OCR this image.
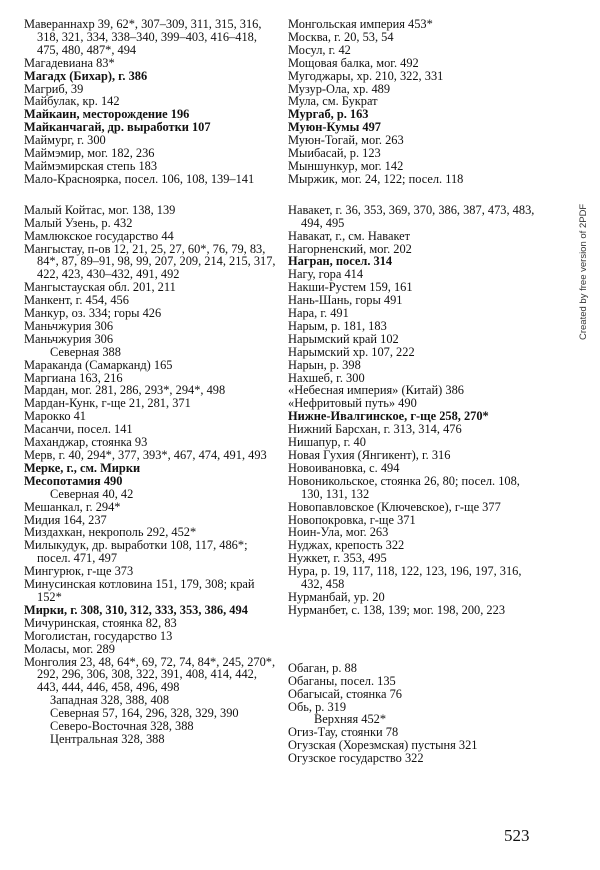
Мавераннахр 39, 62*, 307–309, 311, 315, 316, 318, 321, 334, 338–340, 399–403, 416–418, 475, 480, 487*, 494
Магадевиана 83*
Магадх (Бихар), г. 386
Магриб, 39
Майбулак, кр. 142
Майкаин, месторождение 196
Майканчагай, др. выработки 107
Маймург, г. 300
Маймэмир, мог. 182, 236
Маймэмирская степь 183
Мало-Красноярка, посел. 106, 108, 139–141
Малый Койтас, мог. 138, 139
Малый Узень, р. 432
Мамлюкское государство 44
Мангыстау, п-ов 12, 21, 25, 27, 60*, 76, 79, 83, 84*, 87, 89–91, 98, 99, 207, 209, 214, 215, 317, 422, 423, 430–432, 491, 492
Мангыстауская обл. 201, 211
Манкент, г. 454, 456
Манкур, оз. 334; горы 426
Маньчжурия 306
Маньчжурия 306
Северная 388
Мараканда (Самарканд) 165
Маргиана 163, 216
Мардан, мог. 281, 286, 293*, 294*, 498
Мардан-Кунк, г-ще 21, 281, 371
Марокко 41
Масанчи, посел. 141
Маханджар, стоянка 93
Мерв, г. 40, 294*, 377, 393*, 467, 474, 491, 493
Мерке, г., см. Мирки
Месопотамия 490
Северная 40, 42
Мешанкал, г. 294*
Мидия 164, 237
Миздахкан, некрополь 292, 452*
Милыкудук, др. выработки 108, 117, 486*; посел. 471, 497
Мингурюк, г-ще 373
Минусинская котловина 151, 179, 308; край 152*
Мирки, г. 308, 310, 312, 333, 353, 386, 494
Мичуринская, стоянка 82, 83
Моголистан, государство 13
Моласы, мог. 289
Монголия 23, 48, 64*, 69, 72, 74, 84*, 245, 270*, 292, 296, 306, 308, 322, 391, 408, 414, 442, 443, 444, 446, 458, 496, 498
Западная 328, 388, 408
Северная 57, 164, 296, 328, 329, 390
Северо-Восточная 328, 388
Центральная 328, 388
Монгольская империя 453*
Москва, г. 20, 53, 54
Мосул, г. 42
Мощовая балка, мог. 492
Мугоджары, хр. 210, 322, 331
Музур-Ола, хр. 489
Мула, см. Букрат
Мургаб, р. 163
Муюн-Кумы 497
Муюн-Тогай, мог. 263
Мыибасай, р. 123
Мыншункур, мог. 142
Мыржик, мог. 24, 122; посел. 118
Навакет, г. 36, 353, 369, 370, 386, 387, 473, 483, 494, 495
Навакат, г., см. Навакет
Нагорненский, мог. 202
Награн, посел. 314
Нагу, гора 414
Накши-Рустем 159, 161
Нань-Шань, горы 491
Нара, г. 491
Нарым, р. 181, 183
Нарымский край 102
Нарымский хр. 107, 222
Нарын, р. 398
Нахшеб, г. 300
«Небесная империя» (Китай) 386
«Нефритовый путь» 490
Нижне-Ивалгинское, г-ще 258, 270*
Нижний Барсхан, г. 313, 314, 476
Нишапур, г. 40
Новая Гухия (Янгикент), г. 316
Новоивановка, с. 494
Новоникольское, стоянка 26, 80; посел. 108, 130, 131, 132
Новопавловское (Ключевское), г-ще 377
Новопокровка, г-ще 371
Ноин-Ула, мог. 263
Нуджах, крепость 322
Нужкет, г. 353, 495
Нура, р. 19, 117, 118, 122, 123, 196, 197, 316, 432, 458
Нурманбай, ур. 20
Нурманбет, с. 138, 139; мог. 198, 200, 223
Обаган, р. 88
Обаганы, посел. 135
Обагысай, стоянка 76
Обь, р. 319
Верхняя 452*
Огиз-Тау, стоянки 78
Огузская (Хорезмская) пустыня 321
Огузское государство 322
Created by free version of 2PDF
523
